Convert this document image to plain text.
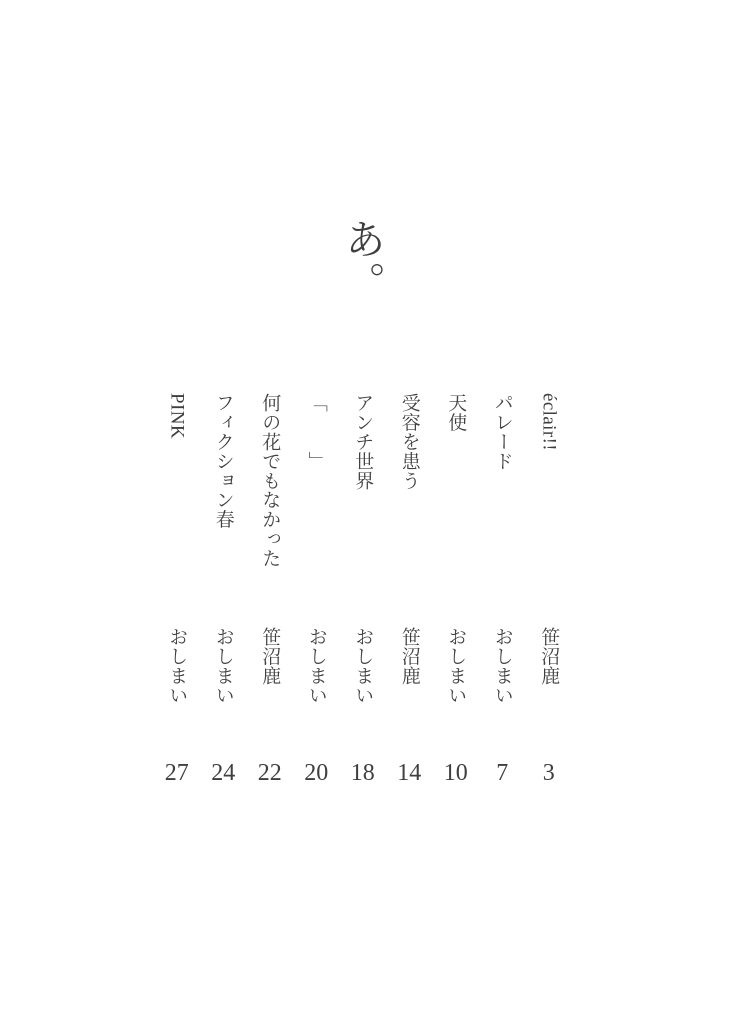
あ。
éclair!!
笹沼鹿
3
パレード
おしまい
7
天使
おしまい
10
受容を患う
笹沼鹿
14
アンチ世界
おしまい
18
「　　」
おしまい
20
何の花でもなかった
笹沼鹿
22
フィクション春
おしまい
24
PINK
おしまい
27
